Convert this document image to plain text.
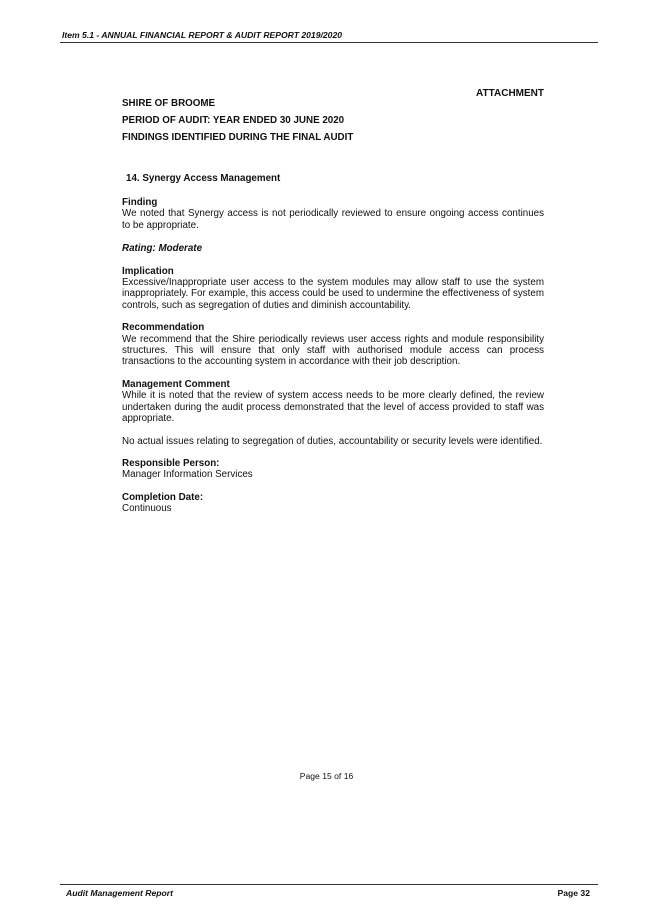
Item 5.1 - ANNUAL FINANCIAL REPORT & AUDIT REPORT 2019/2020
ATTACHMENT

SHIRE OF BROOME

PERIOD OF AUDIT: YEAR ENDED 30 JUNE 2020

FINDINGS IDENTIFIED DURING THE FINAL AUDIT

14. Synergy Access Management

Finding

We noted that Synergy access is not periodically reviewed to ensure ongoing access continues to be appropriate.

Rating: Moderate

Implication

Excessive/Inappropriate user access to the system modules may allow staff to use the system inappropriately. For example, this access could be used to undermine the effectiveness of system controls, such as segregation of duties and diminish accountability.

Recommendation

We recommend that the Shire periodically reviews user access rights and module responsibility structures. This will ensure that only staff with authorised module access can process transactions to the accounting system in accordance with their job description.

Management Comment

While it is noted that the review of system access needs to be more clearly defined, the review undertaken during the audit process demonstrated that the level of access provided to staff was appropriate.

No actual issues relating to segregation of duties, accountability or security levels were identified.

Responsible Person:

Manager Information Services

Completion Date:

Continuous

Page 15 of 16
Audit Management Report	Page 32
